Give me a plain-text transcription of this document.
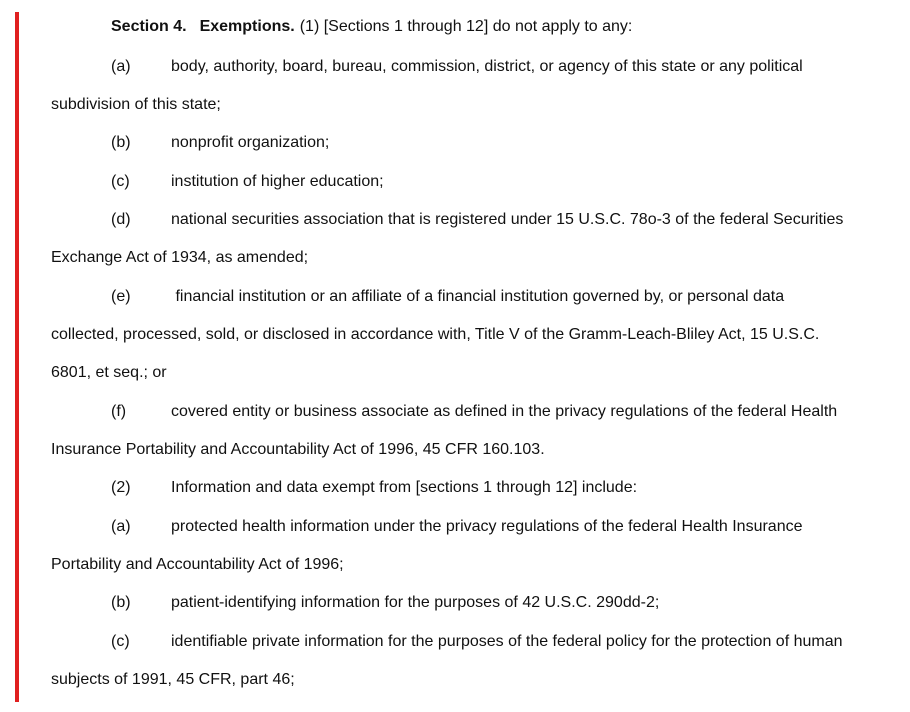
Section 4. Exemptions. (1) [Sections 1 through 12] do not apply to any:
(a)	body, authority, board, bureau, commission, district, or agency of this state or any political
subdivision of this state;
(b)	nonprofit organization;
(c)	institution of higher education;
(d)	national securities association that is registered under 15 U.S.C. 78o-3 of the federal Securities
Exchange Act of 1934, as amended;
(e)	financial institution or an affiliate of a financial institution governed by, or personal data
collected, processed, sold, or disclosed in accordance with, Title V of the Gramm-Leach-Bliley Act, 15 U.S.C.
6801, et seq.; or
(f)	covered entity or business associate as defined in the privacy regulations of the federal Health
Insurance Portability and Accountability Act of 1996, 45 CFR 160.103.
(2)	Information and data exempt from [sections 1 through 12] include:
(a)	protected health information under the privacy regulations of the federal Health Insurance
Portability and Accountability Act of 1996;
(b)	patient-identifying information for the purposes of 42 U.S.C. 290dd-2;
(c)	identifiable private information for the purposes of the federal policy for the protection of human
subjects of 1991, 45 CFR, part 46;
